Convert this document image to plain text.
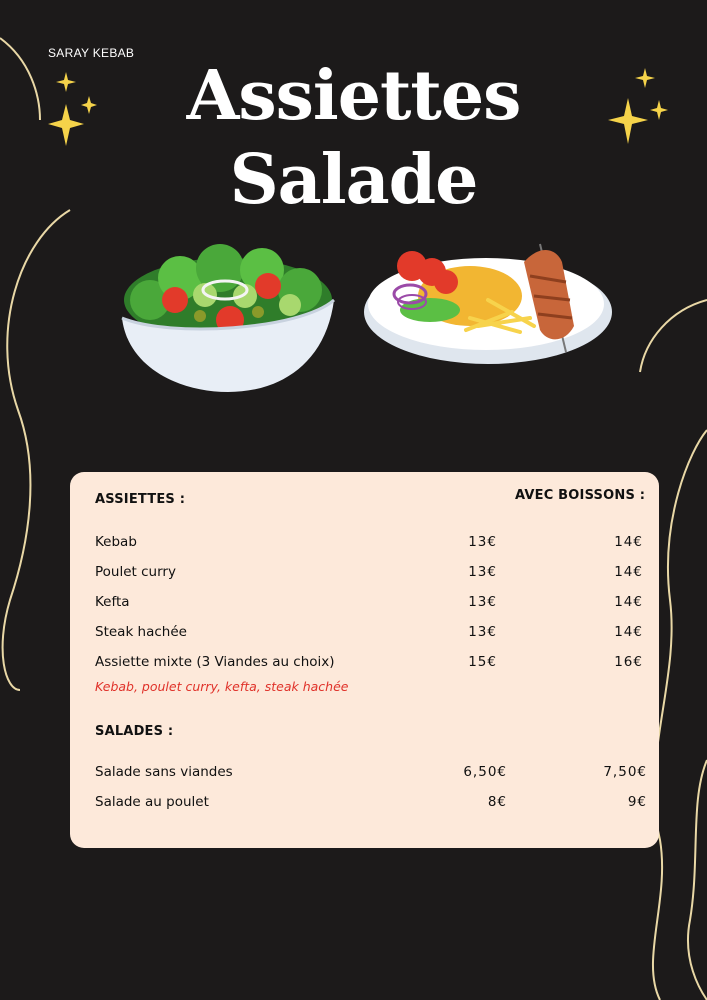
SARAY KEBAB
Assiettes
Salade
ASSIETTES :	AVEC BOISSONS :
Kebab	13€	14€
Poulet curry	13€	14€
Kefta	13€	14€
Steak hachée	13€	14€
Assiette mixte (3 Viandes au choix)	15€	16€
Kebab, poulet curry, kefta, steak hachée
SALADES :
Salade sans viandes	6,50€	7,50€
Salade au poulet	8€	9€
